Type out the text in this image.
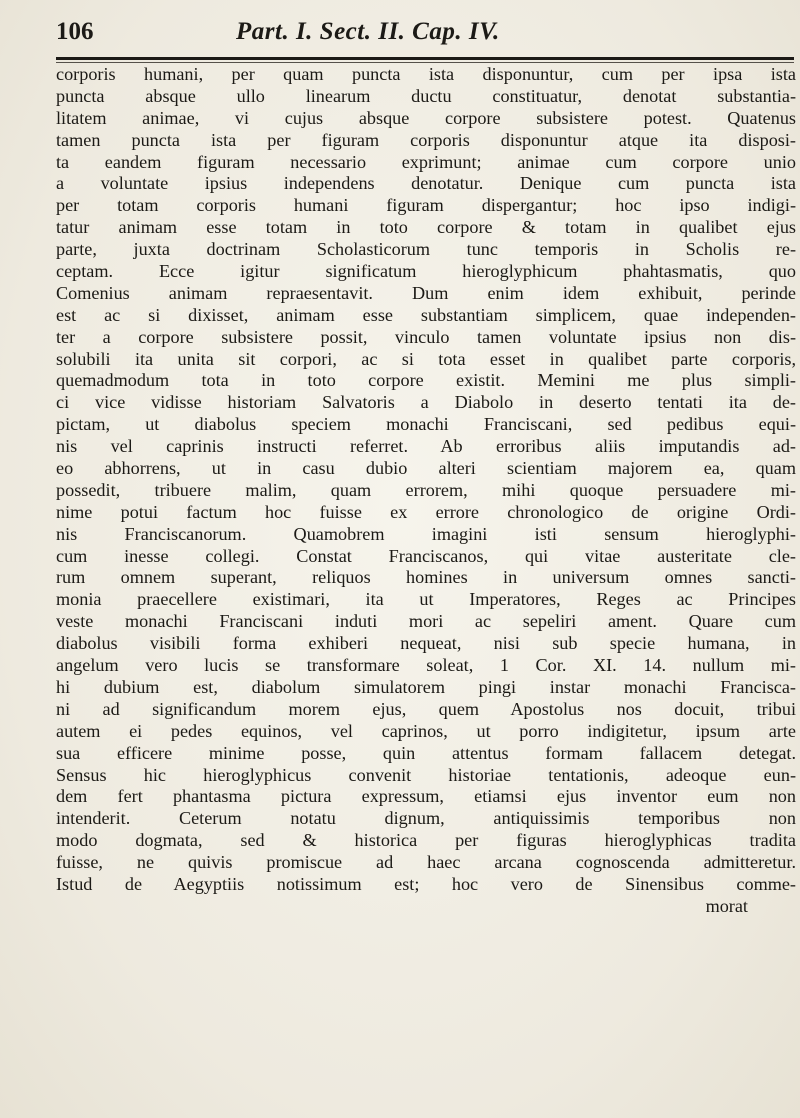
106	Part. I. Sect. II. Cap. IV.
corporis humani, per quam puncta ista disponuntur, cum per ipsa ista
puncta absque ullo linearum ductu constituatur, denotat substantia-
litatem animae, vi cujus absque corpore subsistere potest. Quatenus
tamen puncta ista per figuram corporis disponuntur atque ita disposi-
ta eandem figuram necessario exprimunt; animae cum corpore unio
a voluntate ipsius independens denotatur. Denique cum puncta ista
per totam corporis humani figuram dispergantur; hoc ipso indigi-
tatur animam esse totam in toto corpore & totam in qualibet ejus
parte, juxta doctrinam Scholasticorum tunc temporis in Scholis re-
ceptam. Ecce igitur significatum hieroglyphicum phahtasmatis, quo
Comenius animam repraesentavit. Dum enim idem exhibuit, perinde
est ac si dixisset, animam esse substantiam simplicem, quae independen-
ter a corpore subsistere possit, vinculo tamen voluntate ipsius non dis-
solubili ita unita sit corpori, ac si tota esset in qualibet parte corporis,
quemadmodum tota in toto corpore existit. Memini me plus simpli-
ci vice vidisse historiam Salvatoris a Diabolo in deserto tentati ita de-
pictam, ut diabolus speciem monachi Franciscani, sed pedibus equi-
nis vel caprinis instructi referret. Ab erroribus aliis imputandis ad-
eo abhorrens, ut in casu dubio alteri scientiam majorem ea, quam
possedit, tribuere malim, quam errorem, mihi quoque persuadere mi-
nime potui factum hoc fuisse ex errore chronologico de origine Ordi-
nis Franciscanorum. Quamobrem imagini isti sensum hieroglyphi-
cum inesse collegi. Constat Franciscanos, qui vitae austeritate cle-
rum omnem superant, reliquos homines in universum omnes sancti-
monia praecellere existimari, ita ut Imperatores, Reges ac Principes
veste monachi Franciscani induti mori ac sepeliri ament. Quare cum
diabolus visibili forma exhiberi nequeat, nisi sub specie humana, in
angelum vero lucis se transformare soleat, 1 Cor. XI. 14. nullum mi-
hi dubium est, diabolum simulatorem pingi instar monachi Francisca-
ni ad significandum morem ejus, quem Apostolus nos docuit, tribui
autem ei pedes equinos, vel caprinos, ut porro indigitetur, ipsum arte
sua efficere minime posse, quin attentus formam fallacem detegat.
Sensus hic hieroglyphicus convenit historiae tentationis, adeoque eun-
dem fert phantasma pictura expressum, etiamsi ejus inventor eum non
intenderit. Ceterum notatu dignum, antiquissimis temporibus non
modo dogmata, sed & historica per figuras hieroglyphicas tradita
fuisse, ne quivis promiscue ad haec arcana cognoscenda admitteretur.
Istud de Aegyptiis notissimum est; hoc vero de Sinensibus comme-
morat
